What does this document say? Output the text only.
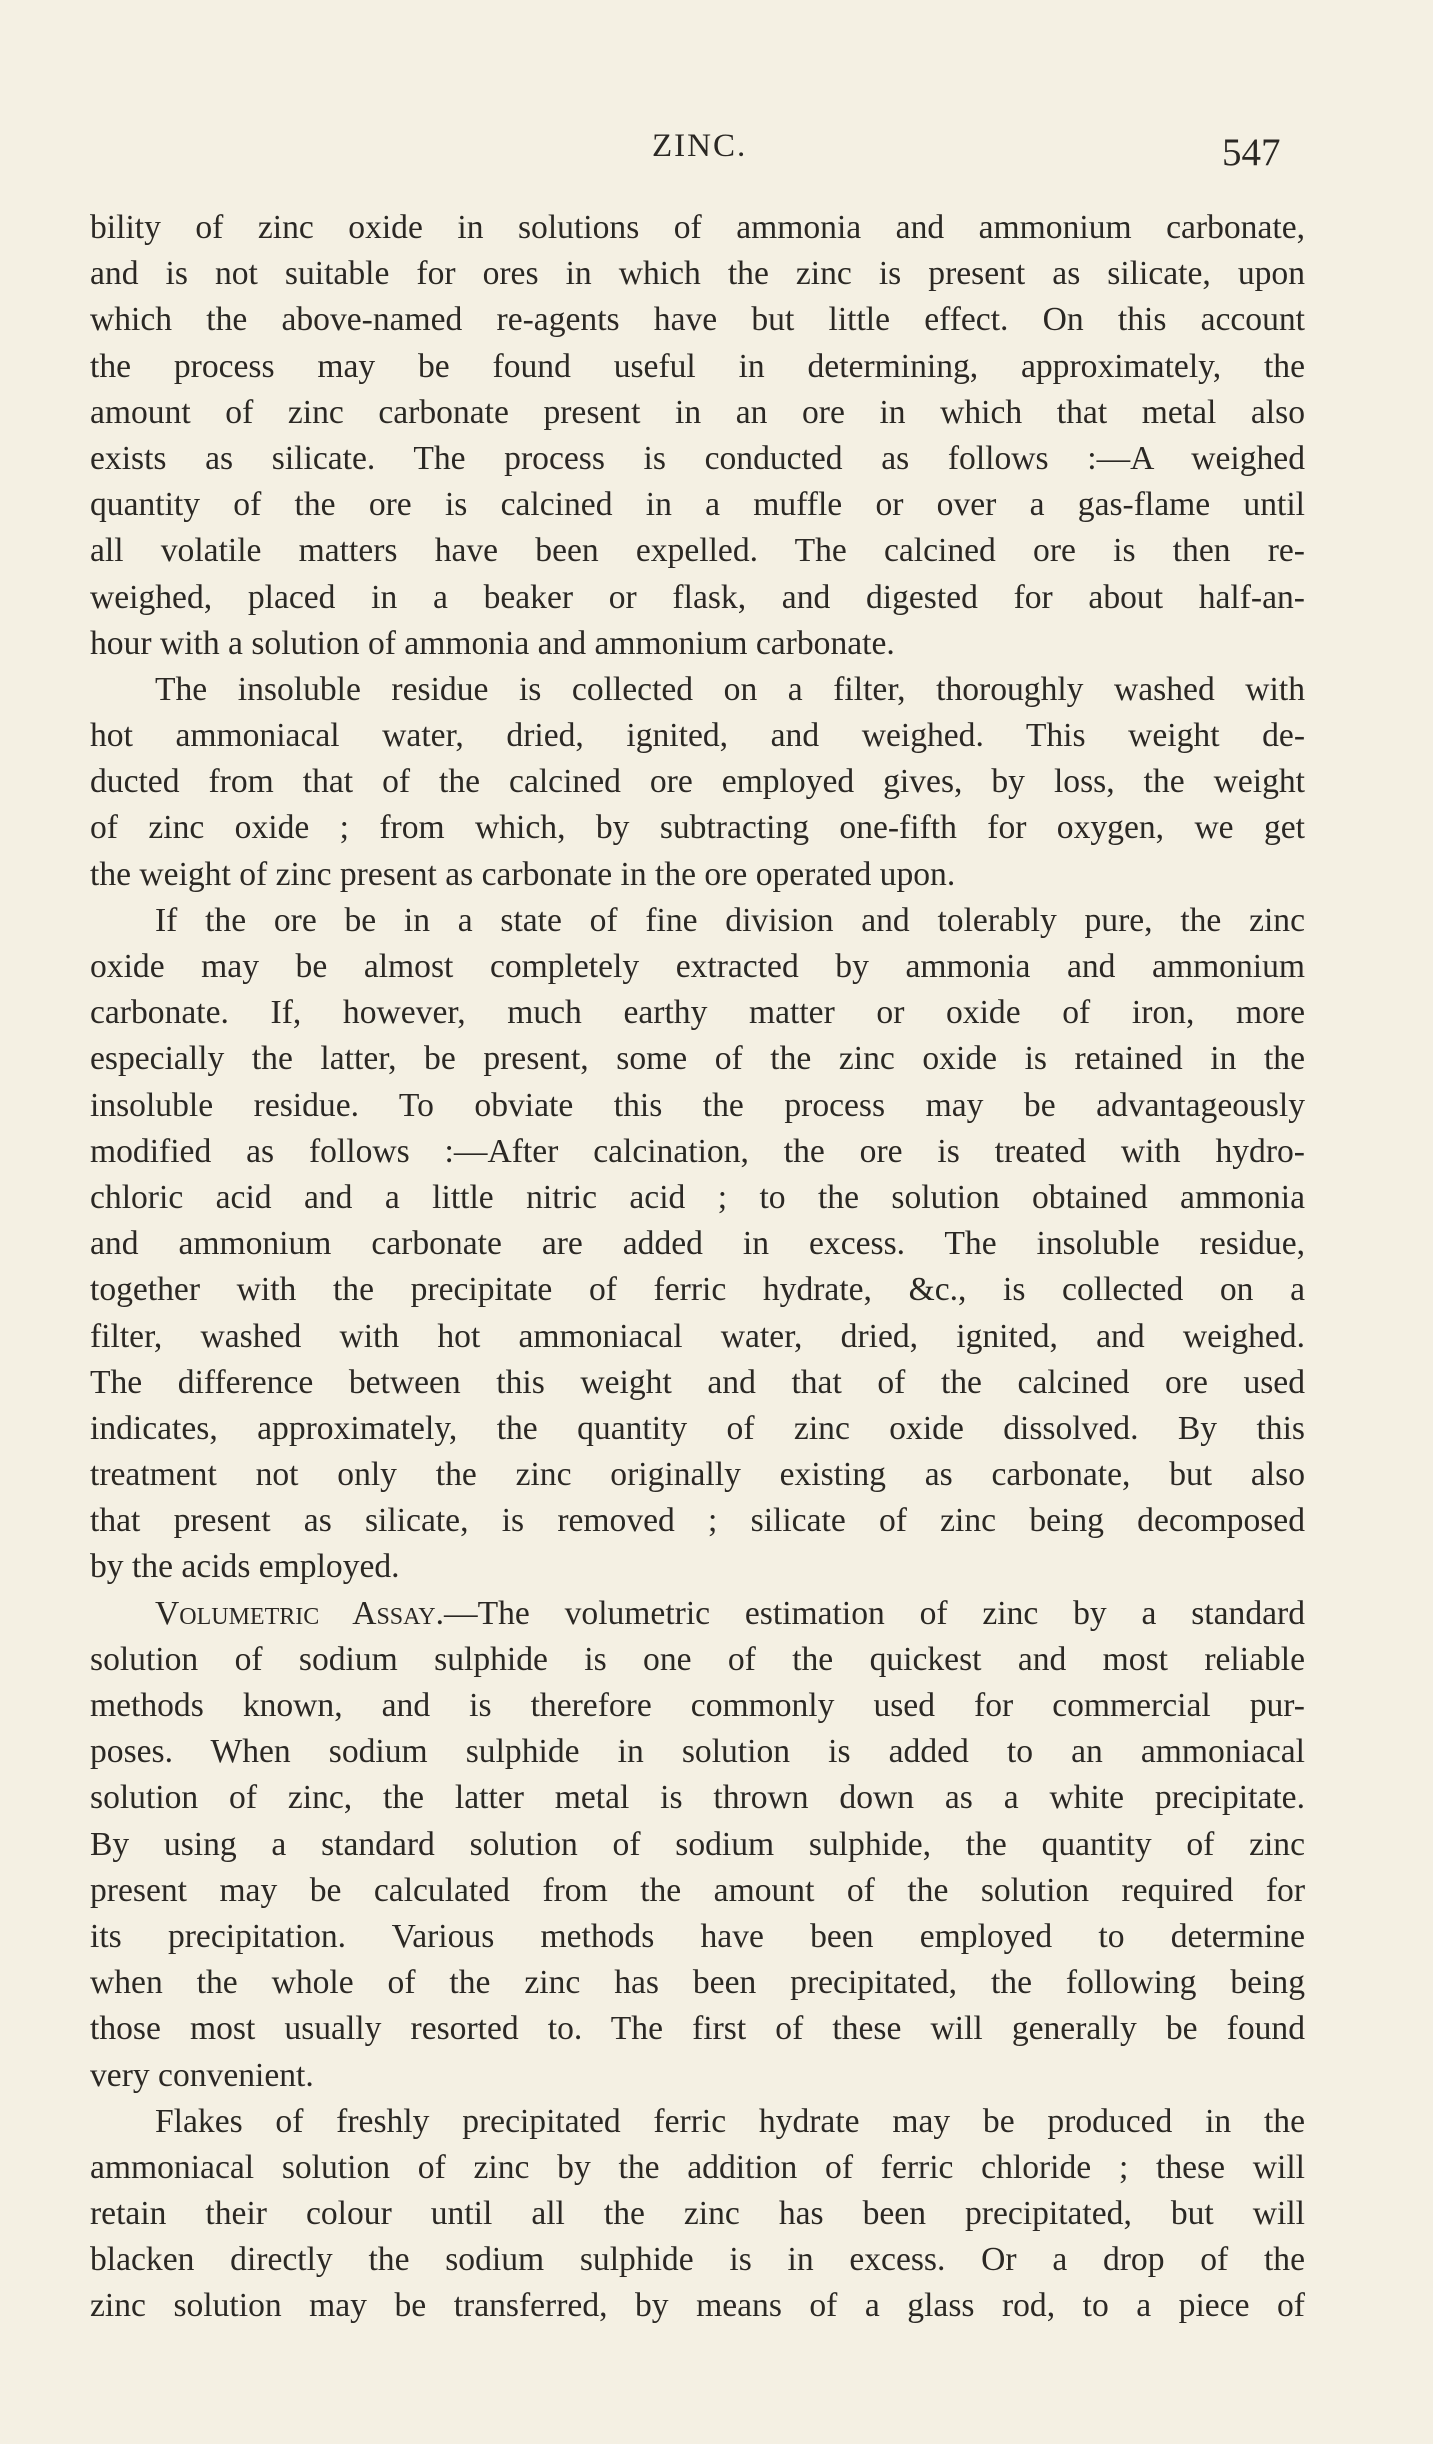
ZINC.	547
bility of zinc oxide in solutions of ammonia and ammonium carbonate,
and is not suitable for ores in which the zinc is present as silicate, upon
which the above-named re-agents have but little effect. On this account
the process may be found useful in determining, approximately, the
amount of zinc carbonate present in an ore in which that metal also
exists as silicate. The process is conducted as follows :—A weighed
quantity of the ore is calcined in a muffle or over a gas-flame until
all volatile matters have been expelled. The calcined ore is then re-
weighed, placed in a beaker or flask, and digested for about half-an-
hour with a solution of ammonia and ammonium carbonate.
The insoluble residue is collected on a filter, thoroughly washed with
hot ammoniacal water, dried, ignited, and weighed. This weight de-
ducted from that of the calcined ore employed gives, by loss, the weight
of zinc oxide ; from which, by subtracting one-fifth for oxygen, we get
the weight of zinc present as carbonate in the ore operated upon.
If the ore be in a state of fine division and tolerably pure, the zinc
oxide may be almost completely extracted by ammonia and ammonium
carbonate. If, however, much earthy matter or oxide of iron, more
especially the latter, be present, some of the zinc oxide is retained in the
insoluble residue. To obviate this the process may be advantageously
modified as follows :—After calcination, the ore is treated with hydro-
chloric acid and a little nitric acid ; to the solution obtained ammonia
and ammonium carbonate are added in excess. The insoluble residue,
together with the precipitate of ferric hydrate, &c., is collected on a
filter, washed with hot ammoniacal water, dried, ignited, and weighed.
The difference between this weight and that of the calcined ore used
indicates, approximately, the quantity of zinc oxide dissolved. By this
treatment not only the zinc originally existing as carbonate, but also
that present as silicate, is removed ; silicate of zinc being decomposed
by the acids employed.
Volumetric Assay.—The volumetric estimation of zinc by a standard
solution of sodium sulphide is one of the quickest and most reliable
methods known, and is therefore commonly used for commercial pur-
poses. When sodium sulphide in solution is added to an ammoniacal
solution of zinc, the latter metal is thrown down as a white precipitate.
By using a standard solution of sodium sulphide, the quantity of zinc
present may be calculated from the amount of the solution required for
its precipitation. Various methods have been employed to determine
when the whole of the zinc has been precipitated, the following being
those most usually resorted to. The first of these will generally be found
very convenient.
Flakes of freshly precipitated ferric hydrate may be produced in the
ammoniacal solution of zinc by the addition of ferric chloride ; these will
retain their colour until all the zinc has been precipitated, but will
blacken directly the sodium sulphide is in excess. Or a drop of the
zinc solution may be transferred, by means of a glass rod, to a piece of
